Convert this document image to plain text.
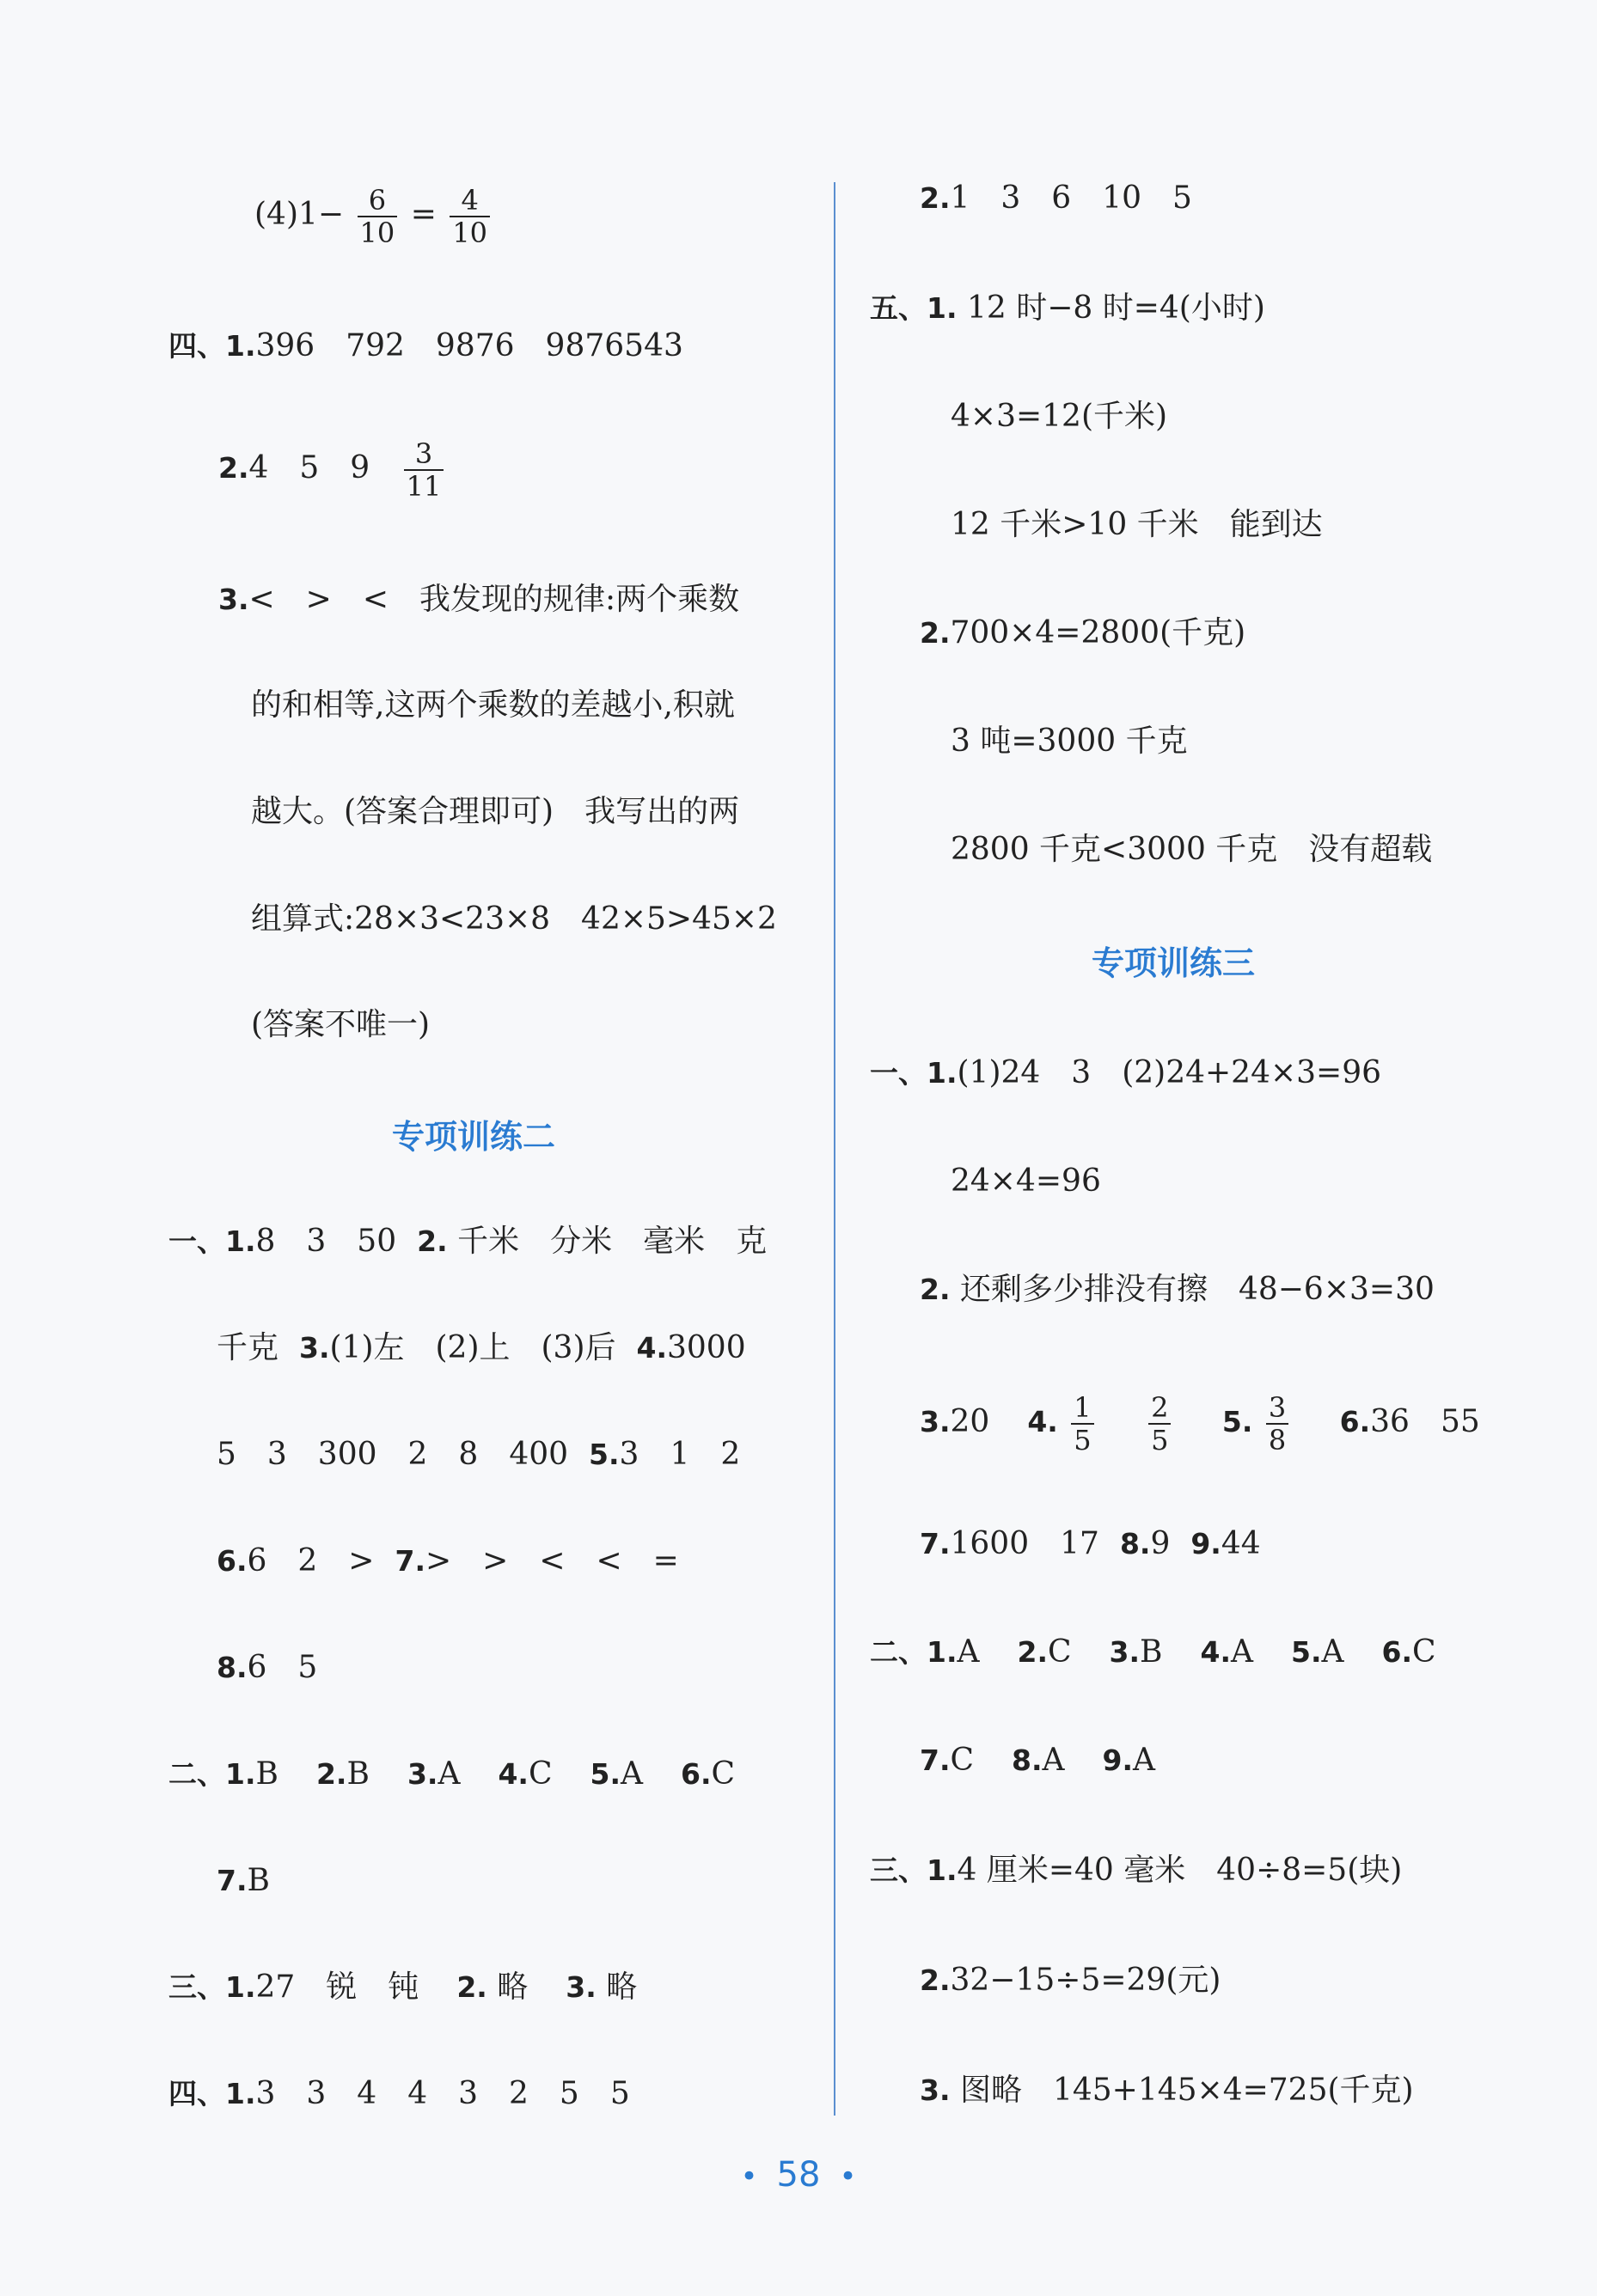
$(4)1- \frac{6}{10} = \frac{4}{10}$
四、1.396　792　9876　9876543
2.4　5　$9 \frac{3}{11}$
3.<　>　<　我发现的规律:两个乘数
的和相等,这两个乘数的差越小,积就
越大。(答案合理即可)　我写出的两
组算式:28×3<23×8　42×5>45×2
(答案不唯一)
专项训练二
一、1.8　3　50 2. 千米　分米　毫米　克
千克 3.(1)左　(2)上　(3)后 4.3000
5　3　300　2　8　400 5.3　1　2
6.6　2　> 7.>　>　<　<　=
8.6　5
二、1.B 2.B 3.A 4.C 5.A 6.C
7.B
三、1.27　锐　钝 2. 略 3. 略
四、1.3　3　4　4　3　2　5　5
2.1　3　6　10　5
五、1. 12 时−8 时=4(小时)
4×3=12(千米)
12 千米>10 千米　能到达
2.700×4=2800(千克)
3 吨=3000 千克
2800 千克<3000 千克　没有超载
专项训练三
一、1.(1)24　3　(2)24+24×3=96
24×4=96
2. 还剩多少排没有擦　48−6×3=30
3.20 4. $\frac{1}{5}$
$\frac{2}{5} 5$. $\frac{3}{8} 6.36$　55
7.1600　17 8.9 9.44
二、1.A 2.C 3.B 4.A 5.A 6.C
7.C 8.A 9.A
三、1.4 厘米=40 毫米　40÷8=5(块)
2.32−15÷5=29(元)
3. 图略　145+145×4=725(千克)
• 58 •
